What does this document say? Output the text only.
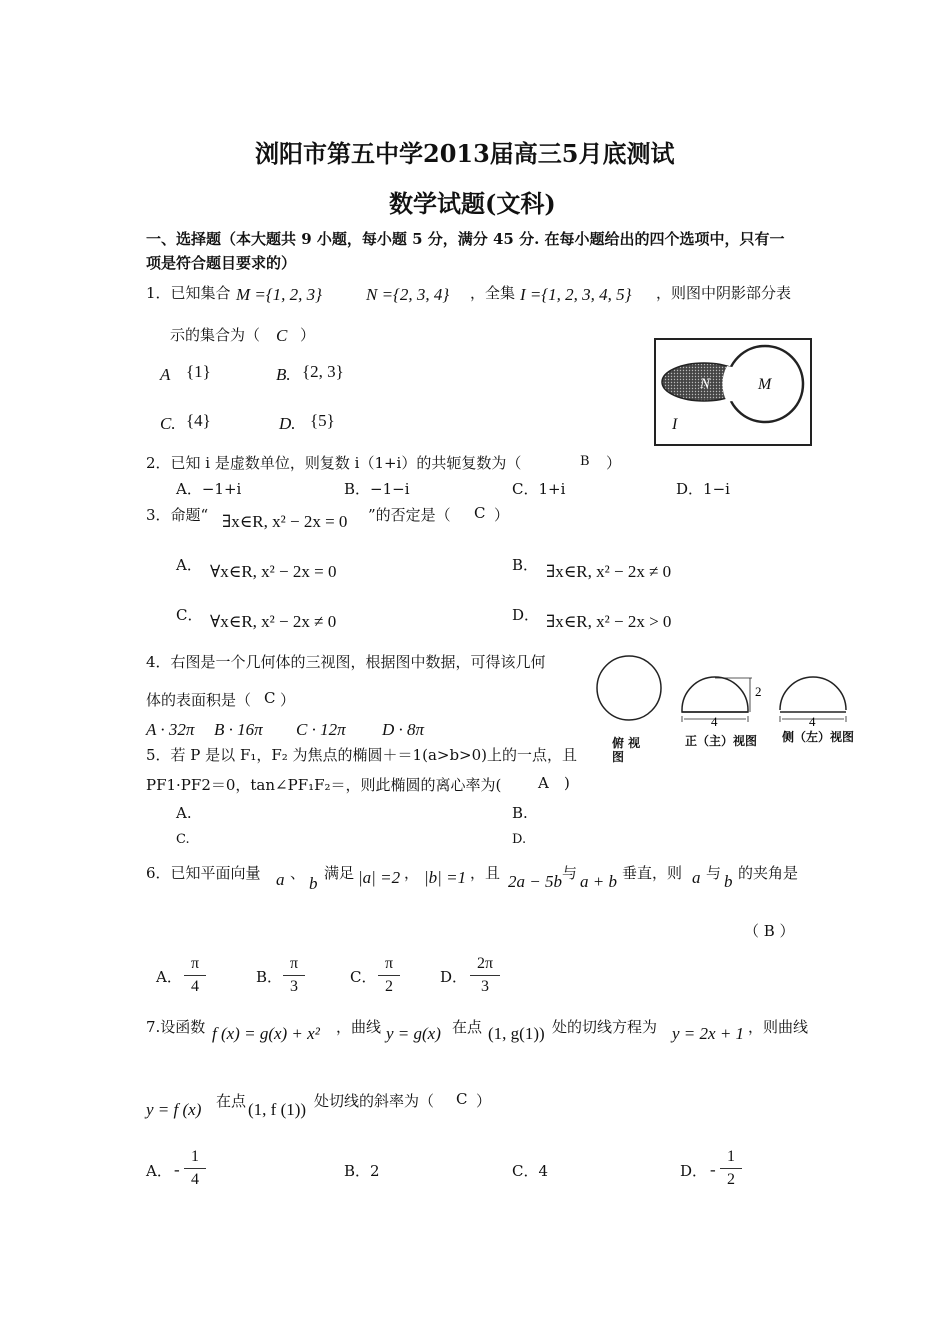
浏阳市第五中学2013届高三5月底测试
数学试题(文科)
一、选择题（本大题共 9 小题，每小题 5 分，满分 45 分. 在每小题给出的四个选项中，只有一
项是符合题目要求的）
1．已知集合 M ={1, 2, 3}	N ={2, 3, 4} ，全集 I ={1, 2, 3, 4, 5} ，则图中阴影部分表
示的集合为（ C ）
A {1}	B. {2, 3}
C. {4}	D. {5}
N	M
I
2．已知 i 是虚数单位，则复数 i（1+i）的共轭复数为（	B ）
A．−1+i	B．−1−i	C．1+i	D．1−i
3．命题“ ∃x∈R, x² − 2x = 0 ”的否定是（ C ）
A． ∀x∈R, x² − 2x = 0	B． ∃x∈R, x² − 2x ≠ 0
C． ∀x∈R, x² − 2x ≠ 0	D． ∃x∈R, x² − 2x > 0
4．右图是一个几何体的三视图，根据图中数据，可得该几何
体的表面积是（ C ）
A · 32π B · 16π C · 12π D · 8π
2
4	4
俯 视 图
正（主）视图 侧（左）视图
5．若 P 是以 F₁，F₂ 为焦点的椭圆＋＝1(a>b>0)上的一点，且
PF1·PF2＝0，tan∠PF₁F₂＝，则此椭圆的离心率为( A )
A.	B.
C.	D.
6．已知平面向量 a 、
b
满足 |a| =2 ， |b| =1 ，且 2a − 5b 与 a + b 垂直，则 a 与 b 的夹角是
（ B ）
A． $\frac{\pi}{4}$	B． $\frac{\pi}{3}$	C． $\frac{\pi}{2}$	D． $\frac{2\pi}{3}$
7.设函数 f (x) = g(x) + x² ，曲线 y = g(x) 在点 (1, g(1)) 处的切线方程为 y = 2x + 1 ，则曲线
y = f (x) 在点 (1, f (1)) 处切线的斜率为（ C ）
A． - $\frac{1}{4}$	B．2	C．4	D． - $\frac{1}{2}$
